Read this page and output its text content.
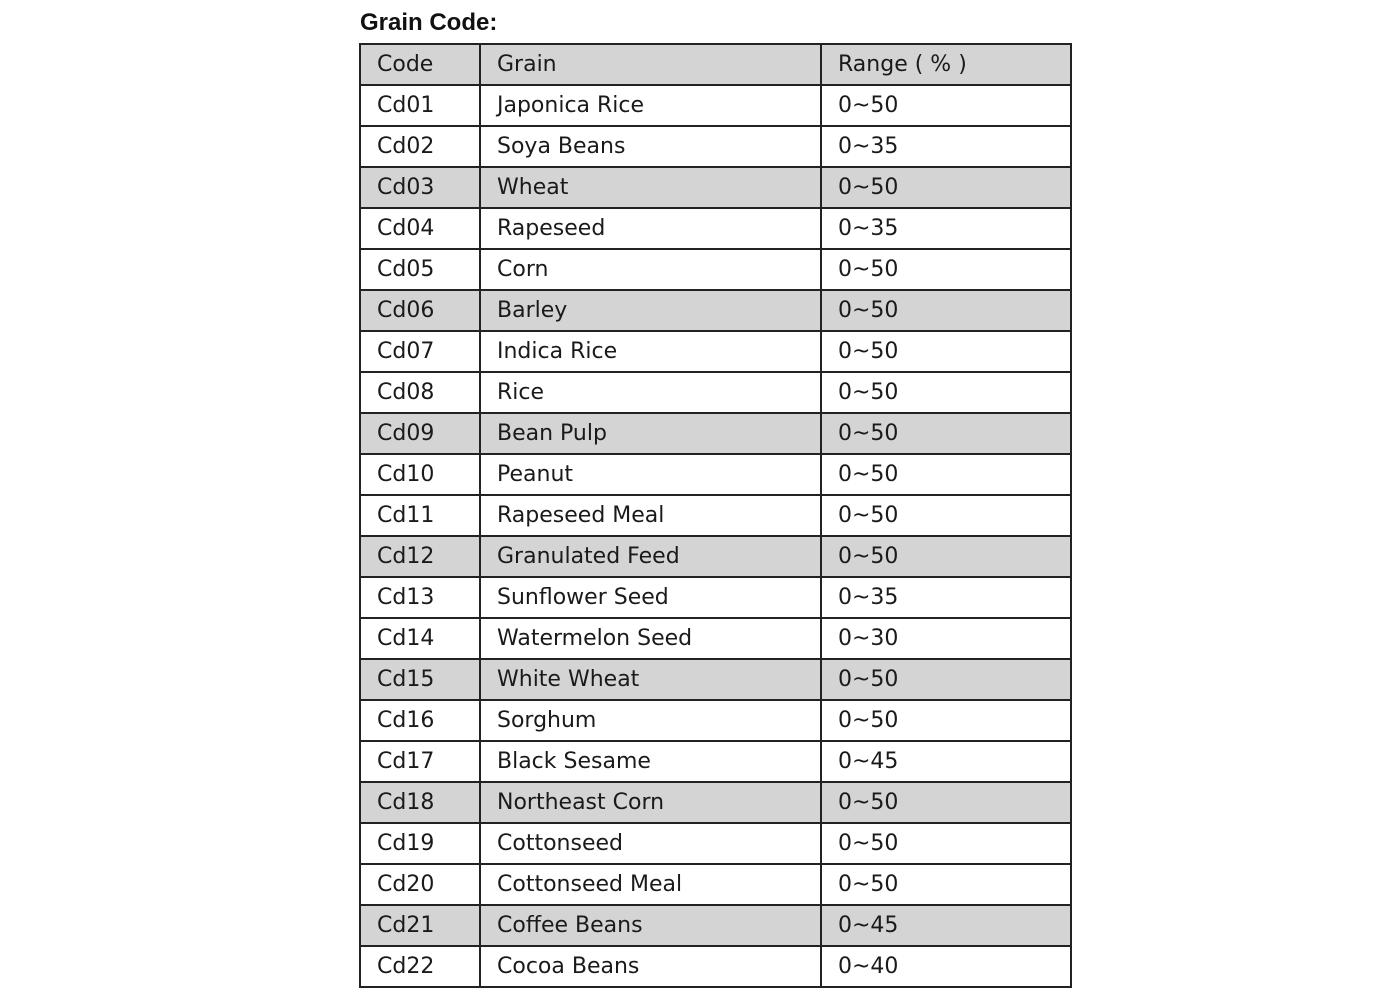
Grain Code:
Code	Grain	Range ( % )
Cd01	Japonica Rice	0~50
Cd02	Soya Beans	0~35
Cd03	Wheat	0~50
Cd04	Rapeseed	0~35
Cd05	Corn	0~50
Cd06	Barley	0~50
Cd07	Indica Rice	0~50
Cd08	Rice	0~50
Cd09	Bean Pulp	0~50
Cd10	Peanut	0~50
Cd11	Rapeseed Meal	0~50
Cd12	Granulated Feed	0~50
Cd13	Sunflower Seed	0~35
Cd14	Watermelon Seed	0~30
Cd15	White Wheat	0~50
Cd16	Sorghum	0~50
Cd17	Black Sesame	0~45
Cd18	Northeast Corn	0~50
Cd19	Cottonseed	0~50
Cd20	Cottonseed Meal	0~50
Cd21	Coffee Beans	0~45
Cd22	Cocoa Beans	0~40
